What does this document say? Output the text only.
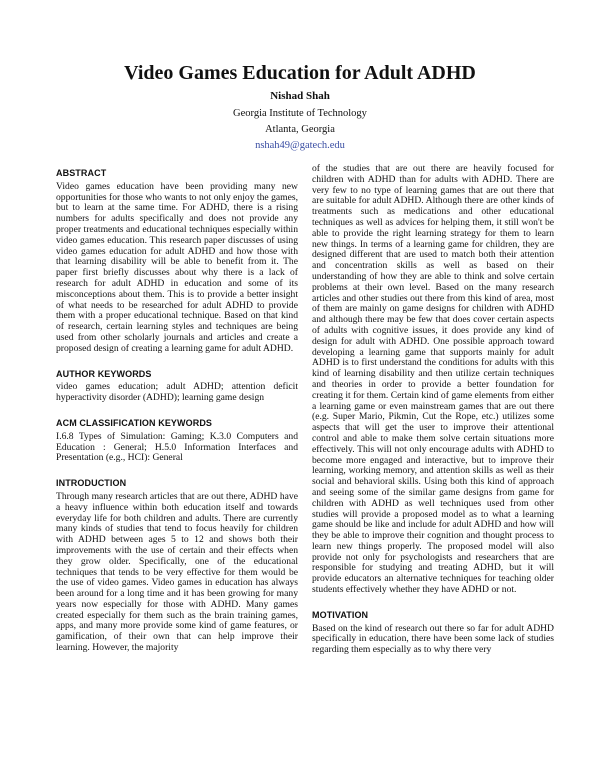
Video Games Education for Adult ADHD

Nishad Shah

Georgia Institute of Technology

Atlanta, Georgia

nshah49@gatech.edu

ABSTRACT

Video games education have been providing many new opportunities for those who wants to not only enjoy the games, but to learn at the same time. For ADHD, there is a rising numbers for adults specifically and does not provide any proper treatments and educational techniques especially within video games education. This research paper discusses of using video games education for adult ADHD and how those with that learning disability will be able to benefit from it. The paper first briefly discusses about why there is a lack of research for adult ADHD in education and some of its misconceptions about them. This is to provide a better insight of what needs to be researched for adult ADHD to provide them with a proper educational technique. Based on that kind of research, certain learning styles and techniques are being used from other scholarly journals and articles and create a proposed design of creating a learning game for adult ADHD.

AUTHOR KEYWORDS

video games education; adult ADHD; attention deficit hyperactivity disorder (ADHD); learning game design

ACM CLASSIFICATION KEYWORDS

I.6.8 Types of Simulation: Gaming; K.3.0 Computers and Education : General; H.5.0 Information Interfaces and Presentation (e.g., HCI): General

INTRODUCTION

Through many research articles that are out there, ADHD have a heavy influence within both education itself and towards everyday life for both children and adults. There are currently many kinds of studies that tend to focus heavily for children with ADHD between ages 5 to 12 and shows both their improvements with the use of certain and their effects when they grow older. Specifically, one of the educational techniques that tends to be very effective for them would be the use of video games. Video games in education has always been around for a long time and it has been growing for many years now especially for those with ADHD. Many games created especially for them such as the brain training games, apps, and many more provide some kind of game features, or gamification, of their own that can help improve their learning. However, the majority

of the studies that are out there are heavily focused for children with ADHD than for adults with ADHD. There are very few to no type of learning games that are out there that are suitable for adult ADHD. Although there are other kinds of treatments such as medications and other educational techniques as well as advices for helping them, it still won't be able to provide the right learning strategy for them to learn new things. In terms of a learning game for children, they are designed different that are used to match both their attention and concentration skills as well as based on their understanding of how they are able to think and solve certain problems at their own level. Based on the many research articles and other studies out there from this kind of area, most of them are mainly on game designs for children with ADHD and although there may be few that does cover certain aspects of adults with cognitive issues, it does provide any kind of design for adult with ADHD. One possible approach toward developing a learning game that supports mainly for adult ADHD is to first understand the conditions for adults with this kind of learning disability and then utilize certain techniques and theories in order to provide a better foundation for creating it for them. Certain kind of game elements from either a learning game or even mainstream games that are out there (e.g. Super Mario, Pikmin, Cut the Rope, etc.) utilizes some aspects that will get the user to improve their attentional control and able to make them solve certain situations more effectively. This will not only encourage adults with ADHD to become more engaged and interactive, but to improve their learning, working memory, and attention skills as well as their social and behavioral skills. Using both this kind of approach and seeing some of the similar game designs from game for children with ADHD as well techniques used from other studies will provide a proposed model as to what a learning game should be like and include for adult ADHD and how will they be able to improve their cognition and thought process to learn new things properly. The proposed model will also provide not only for psychologists and researchers that are responsible for studying and treating ADHD, but it will provide educators an alternative techniques for teaching older students effectively whether they have ADHD or not.

MOTIVATION

Based on the kind of research out there so far for adult ADHD specifically in education, there have been some lack of studies regarding them especially as to why there very
